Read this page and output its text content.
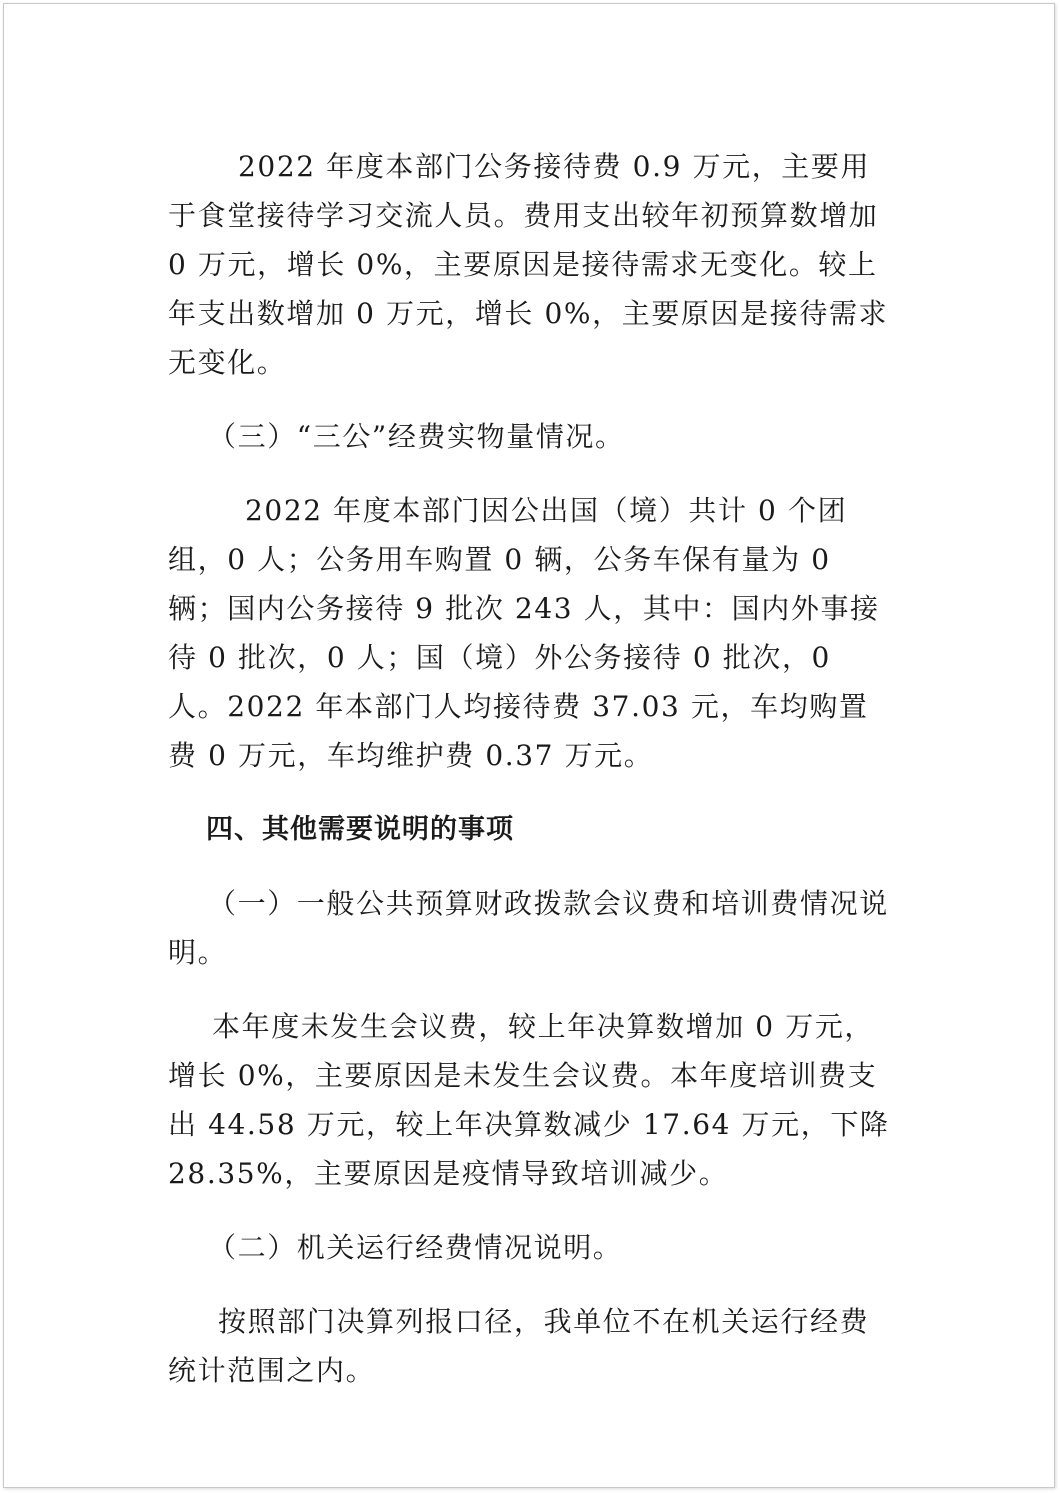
2022 年度本部门公务接待费 0.9 万元，主要用于食堂接待学习交流人员。费用支出较年初预算数增加 0 万元，增长 0%，主要原因是接待需求无变化。较上年支出数增加 0 万元，增长 0%，主要原因是接待需求无变化。

（三）“三公”经费实物量情况。

2022 年度本部门因公出国（境）共计 0 个团组，0 人；公务用车购置 0 辆，公务车保有量为 0 辆；国内公务接待 9 批次 243 人，其中：国内外事接待 0 批次，0 人；国（境）外公务接待 0 批次，0 人。2022 年本部门人均接待费 37.03 元，车均购置费 0 万元，车均维护费 0.37 万元。

四、其他需要说明的事项

（一）一般公共预算财政拨款会议费和培训费情况说明。

本年度未发生会议费，较上年决算数增加 0 万元，增长 0%，主要原因是未发生会议费。本年度培训费支出 44.58 万元，较上年决算数减少 17.64 万元，下降 28.35%，主要原因是疫情导致培训减少。

（二）机关运行经费情况说明。

按照部门决算列报口径，我单位不在机关运行经费统计范围之内。
